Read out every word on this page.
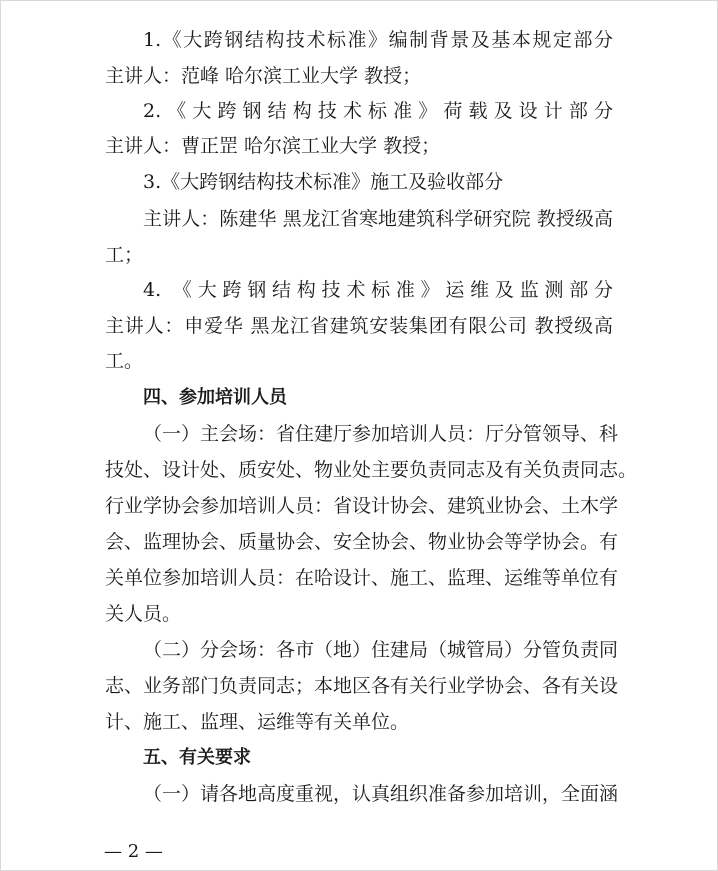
1.《大跨钢结构技术标准》编制背景及基本规定部分
主讲人：范峰 哈尔滨工业大学 教授；
2.《大跨钢结构技术标准》荷载及设计部分
主讲人：曹正罡 哈尔滨工业大学 教授；
3.《大跨钢结构技术标准》施工及验收部分
主讲人：陈建华 黑龙江省寒地建筑科学研究院 教授级高
工；
4. 《大跨钢结构技术标准》运维及监测部分
主讲人：申爱华 黑龙江省建筑安装集团有限公司 教授级高
工。
四、参加培训人员
（一）主会场：省住建厅参加培训人员：厅分管领导、科
技处、设计处、质安处、物业处主要负责同志及有关负责同志。
行业学协会参加培训人员：省设计协会、建筑业协会、土木学
会、监理协会、质量协会、安全协会、物业协会等学协会。有
关单位参加培训人员：在哈设计、施工、监理、运维等单位有
关人员。
（二）分会场：各市（地）住建局（城管局）分管负责同
志、业务部门负责同志；本地区各有关行业学协会、各有关设
计、施工、监理、运维等有关单位。
五、有关要求
（一）请各地高度重视，认真组织准备参加培训，全面涵
— 2 —
